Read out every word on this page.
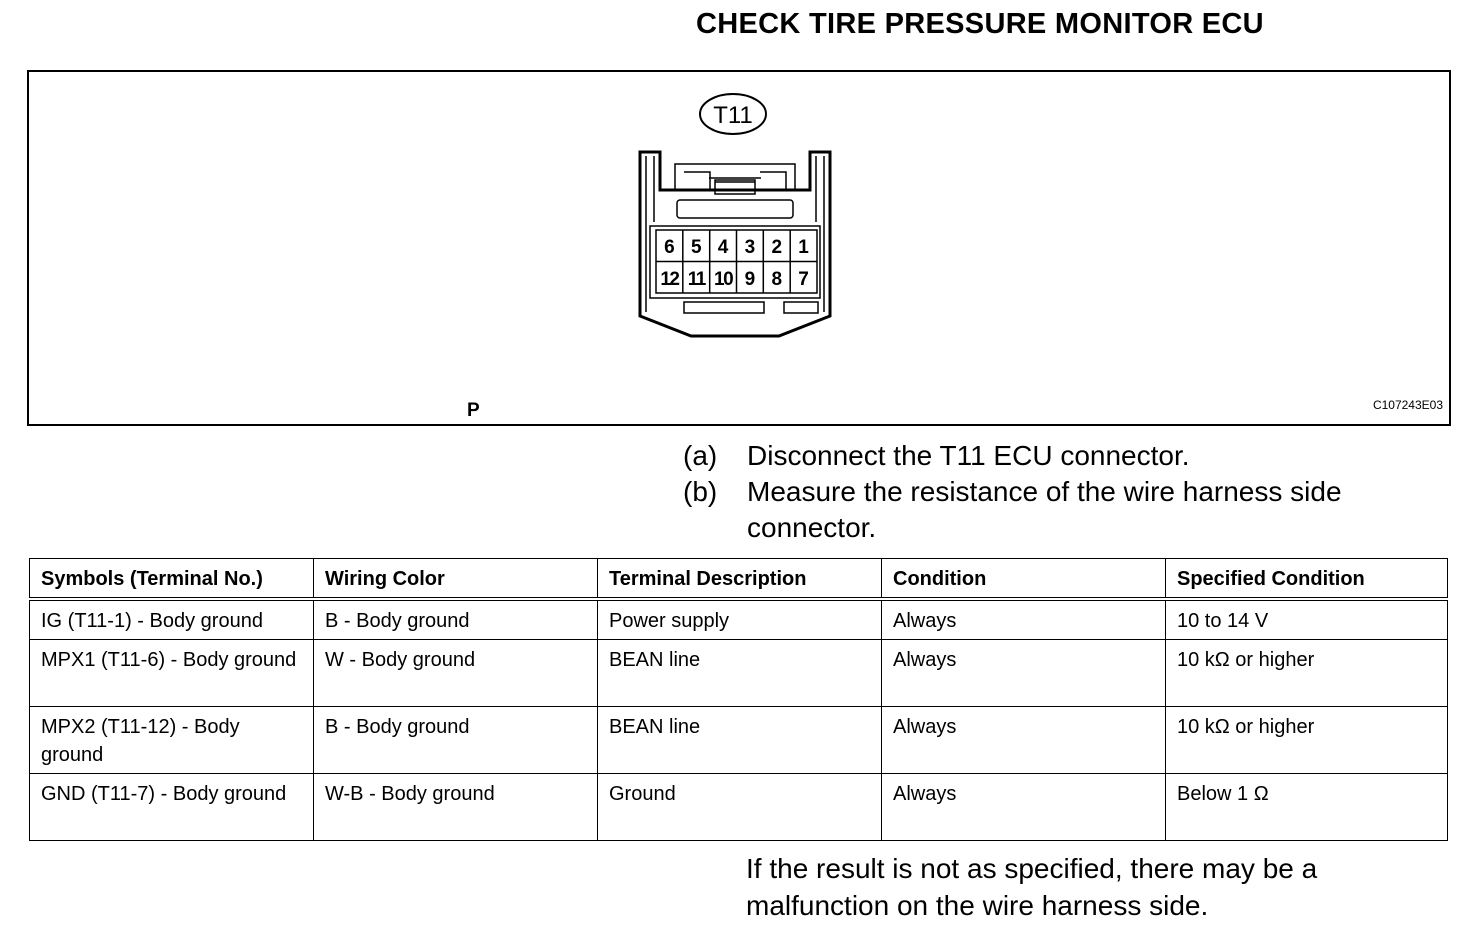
CHECK TIRE PRESSURE MONITOR ECU
T11
6 5 4 3 2 1
12 11 10 9 8 7
P	C107243E03
(a)	Disconnect the T11 ECU connector.
(b)	Measure the resistance of the wire harness side connector.
Symbols (Terminal No.)	Wiring Color	Terminal Description	Condition	Specified Condition
IG (T11-1) - Body ground	B - Body ground	Power supply	Always	10 to 14 V
MPX1 (T11-6) - Body ground	W - Body ground	BEAN line	Always	10 kΩ or higher
MPX2 (T11-12) - Body ground	B - Body ground	BEAN line	Always	10 kΩ or higher
GND (T11-7) - Body ground	W-B - Body ground	Ground	Always	Below 1 Ω
If the result is not as specified, there may be a malfunction on the wire harness side.
